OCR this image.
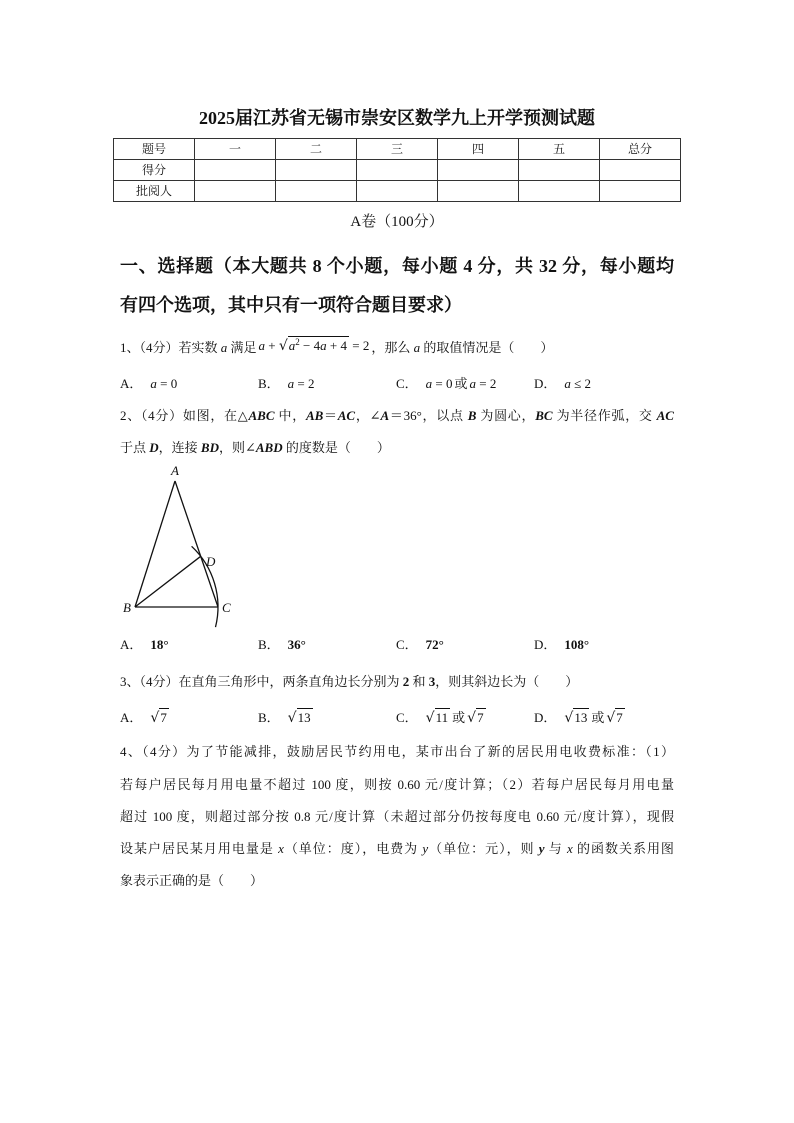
2025届江苏省无锡市崇安区数学九上开学预测试题
题号	一	二	三	四	五	总分
得分						
批阅人						
A卷（100分）
一、选择题（本大题共 8 个小题，每小题 4 分，共 32 分，每小题均
有四个选项，其中只有一项符合题目要求）
1、（4分）若实数 a 满足 $a + √a^2 - 4a + 4 = 2$ ，那么 a 的取值情况是（　　）
A． a = 0	B． a = 2	C． a = 0 或 a = 2	D． a ≤ 2
2、（4分）如图，在△ABC 中，AB＝AC，∠A＝36°，以点 B 为圆心，BC 为半径作弧，交 AC
于点 D，连接 BD，则∠ABD 的度数是（　　）
A
B	C
D
A． 18°	B． 36°	C． 72°	D． 108°
3、（4分）在直角三角形中，两条直角边长分别为 2 和 3，则其斜边长为（　　）
A． √7	B． √13	C． √11 或 √7	D． √13 或 √7
4、（4分）为了节能减排，鼓励居民节约用电，某市出台了新的居民用电收费标准：（1）
若每户居民每月用电量不超过 100 度，则按 0.60 元/度计算；（2）若每户居民每月用电量
超过 100 度，则超过部分按 0.8 元/度计算（未超过部分仍按每度电 0.60 元/度计算），现假
设某户居民某月用电量是 x（单位：度），电费为 y（单位：元），则 y 与 x 的函数关系用图
象表示正确的是（　　）
